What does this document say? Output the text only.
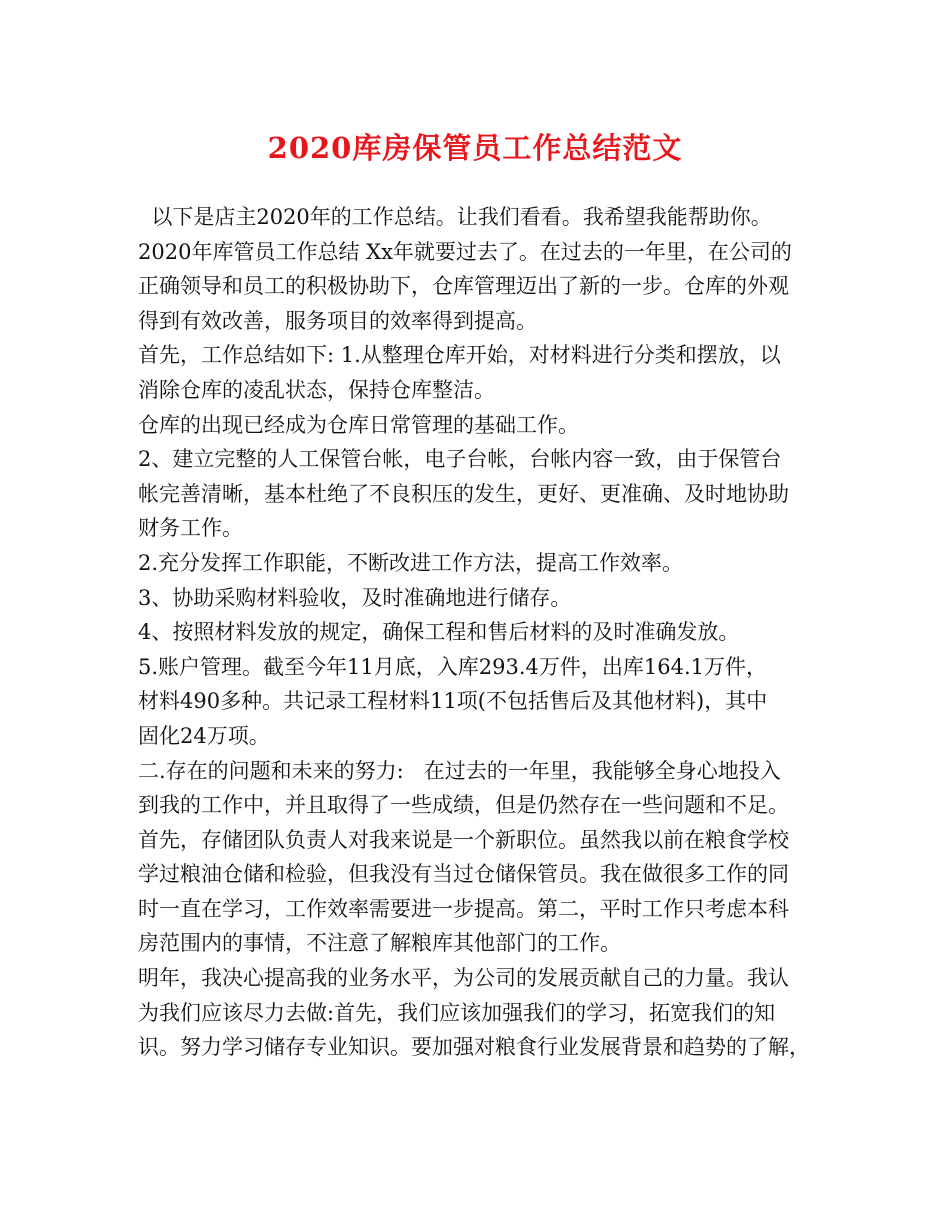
2020库房保管员工作总结范文
以下是店主2020年的工作总结。让我们看看。我希望我能帮助你。
2020年库管员工作总结 Xx年就要过去了。在过去的一年里，在公司的
正确领导和员工的积极协助下，仓库管理迈出了新的一步。仓库的外观
得到有效改善，服务项目的效率得到提高。
首先，工作总结如下: 1.从整理仓库开始，对材料进行分类和摆放，以
消除仓库的凌乱状态，保持仓库整洁。
仓库的出现已经成为仓库日常管理的基础工作。
2、建立完整的人工保管台帐，电子台帐，台帐内容一致，由于保管台
帐完善清晰，基本杜绝了不良积压的发生，更好、更准确、及时地协助
财务工作。
2.充分发挥工作职能，不断改进工作方法，提高工作效率。
3、协助采购材料验收，及时准确地进行储存。
4、按照材料发放的规定，确保工程和售后材料的及时准确发放。
5.账户管理。截至今年11月底，入库293.4万件，出库164.1万件，
材料490多种。共记录工程材料11项(不包括售后及其他材料)，其中
固化24万项。
二.存在的问题和未来的努力:   在过去的一年里，我能够全身心地投入
到我的工作中，并且取得了一些成绩，但是仍然存在一些问题和不足。
首先，存储团队负责人对我来说是一个新职位。虽然我以前在粮食学校
学过粮油仓储和检验，但我没有当过仓储保管员。我在做很多工作的同
时一直在学习，工作效率需要进一步提高。第二，平时工作只考虑本科
房范围内的事情，不注意了解粮库其他部门的工作。
明年，我决心提高我的业务水平，为公司的发展贡献自己的力量。我认
为我们应该尽力去做:首先，我们应该加强我们的学习，拓宽我们的知
识。努力学习储存专业知识。要加强对粮食行业发展背景和趋势的了解，
